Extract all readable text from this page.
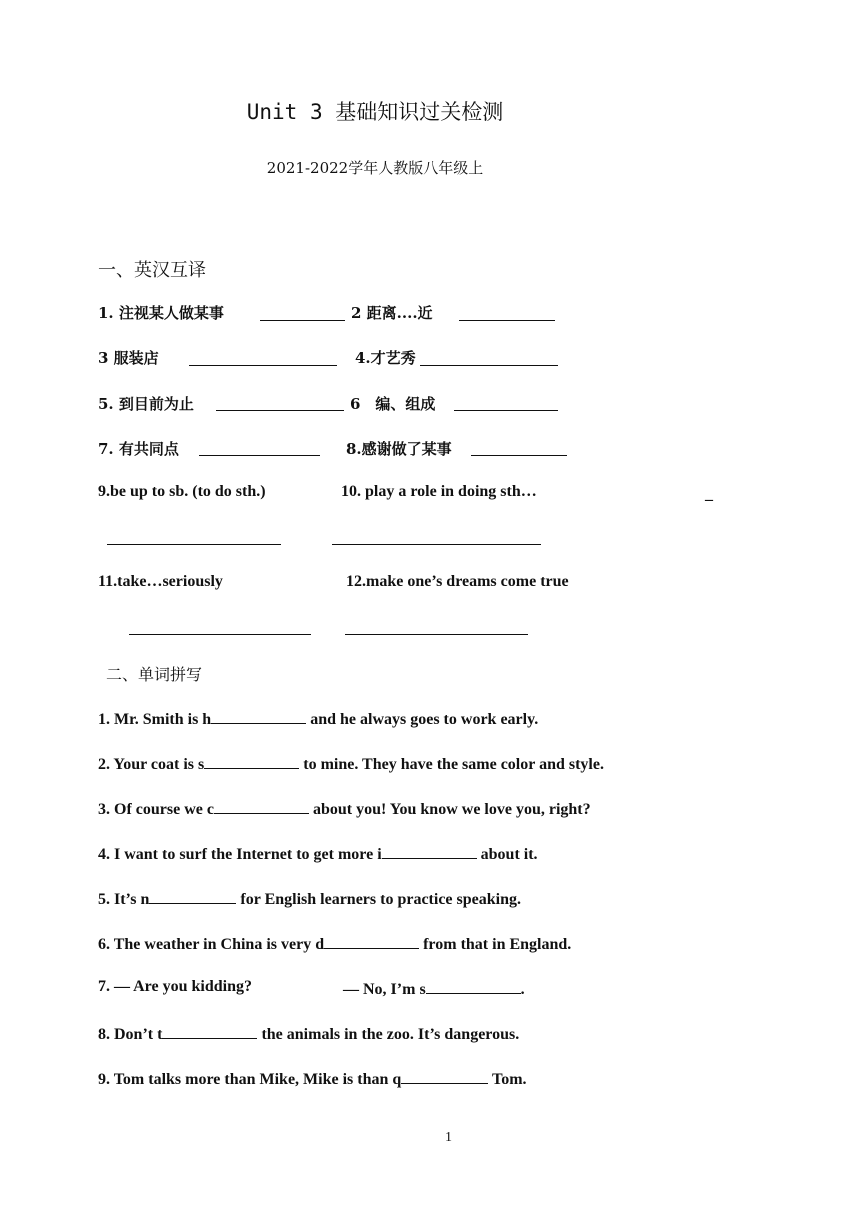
Unit 3 基础知识过关检测
2021-2022学年人教版八年级上
一、英汉互译
1. 注视某人做某事	2 距离....近
3 服装店	4.才艺秀
5. 到目前为止	6　编、组成
7. 有共同点	8.感谢做了某事
9.be up to sb. (to do sth.)	10. play a role in doing sth…	_
11.take…seriously	12.make one’s dreams come true
二、单词拼写
1. Mr. Smith is h	and he always goes to work early.
2. Your coat is s	to mine. They have the same color and style.
3. Of course we c	about you! You know we love you, right?
4. I want to surf the Internet to get more i	about it.
5. It’s n	for English learners to practice speaking.
6. The weather in China is very d	from that in England.
7. — Are you kidding?	— No, I’m s	.
8. Don’t t	the animals in the zoo. It’s dangerous.
9. Tom talks more than Mike, Mike is than q	Tom.
1
